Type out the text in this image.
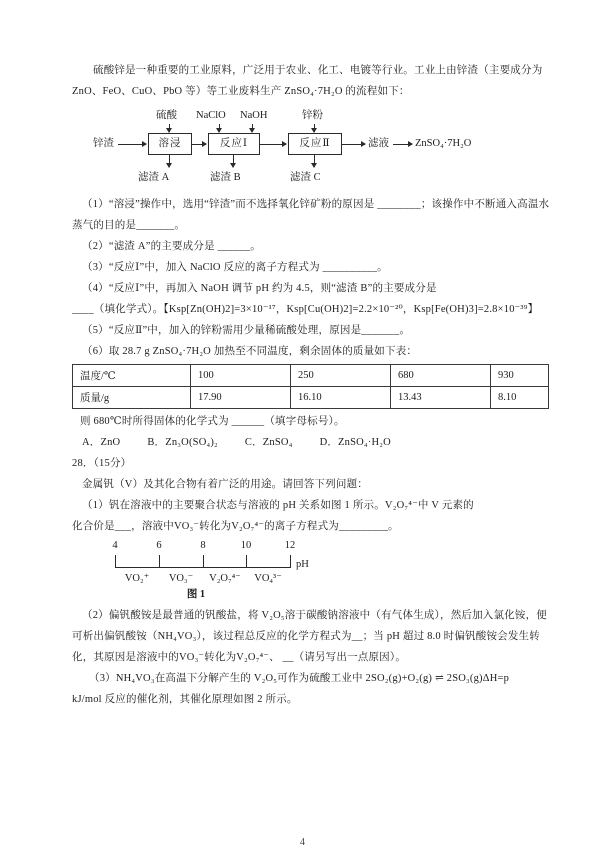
硫酸锌是一种重要的工业原料，广泛用于农业、化工、电镀等行业。工业上由锌渣（主要成分为
ZnO、FeO、CuO、PbO 等）等工业废料生产 ZnSO₄·7H₂O 的流程如下：
硫酸 NaClO NaOH	锌粉
锌渣	溶浸	反应Ⅰ	反应Ⅱ	滤液 ZnSO₄·7H₂O
滤渣 A	滤渣 B	滤渣 C
（1）“溶浸”操作中，选用“锌渣”而不选择氧化锌矿粉的原因是 ________；该操作中不断通入高温水
蒸气的目的是_______。
（2）“滤渣 A”的主要成分是 ______。
（3）“反应Ⅰ”中，加入 NaClO 反应的离子方程式为 __________。
（4）“反应Ⅰ”中，再加入 NaOH 调节 pH 约为 4.5，则“滤渣 B”的主要成分是
____（填化学式）。【Ksp[Zn(OH)2]=3×10⁻¹⁷，Ksp[Cu(OH)2]=2.2×10⁻²⁰，Ksp[Fe(OH)3]=2.8×10⁻³⁹】
（5）“反应Ⅱ”中，加入的锌粉需用少量稀硫酸处理，原因是_______。
（6）取 28.7 g ZnSO₄·7H₂O 加热至不同温度，剩余固体的质量如下表：
温度/℃	100	250	680	930
质量/g	17.90	16.10	13.43	8.10
则 680℃时所得固体的化学式为 ______（填字母标号）。
A．ZnO	B．Zn₃O(SO₄)₂	C．ZnSO₄	D．ZnSO₄·H₂O
28．（15分）
金属钒（V）及其化合物有着广泛的用途。请回答下列问题：
（1）钒在溶液中的主要聚合状态与溶液的 pH 关系如图 1 所示。V₂O₇⁴⁻中 V 元素的
化合价是___，溶液中VO₃⁻转化为V₂O₇⁴⁻的离子方程式为_________。
4	6	8	10	12
pH
VO₂⁺	VO₃⁻	V₂O₇⁴⁻	VO₄³⁻
图 1
（2）偏钒酸铵是最普通的钒酸盐，将 V₂O₅溶于碳酸钠溶液中（有气体生成），然后加入氯化铵，便
可析出偏钒酸铵（NH₄VO₃），该过程总反应的化学方程式为__；当 pH 超过 8.0 时偏钒酸铵会发生转
化，其原因是溶液中的VO₃⁻转化为V₂O₇⁴⁻、 __（请另写出一点原因）。
（3）NH₄VO₃在高温下分解产生的 V₂O₅可作为硫酸工业中 2SO₂(g)+O₂(g) ⇌ 2SO₃(g)ΔH=p
kJ/mol 反应的催化剂，其催化原理如图 2 所示。
4
